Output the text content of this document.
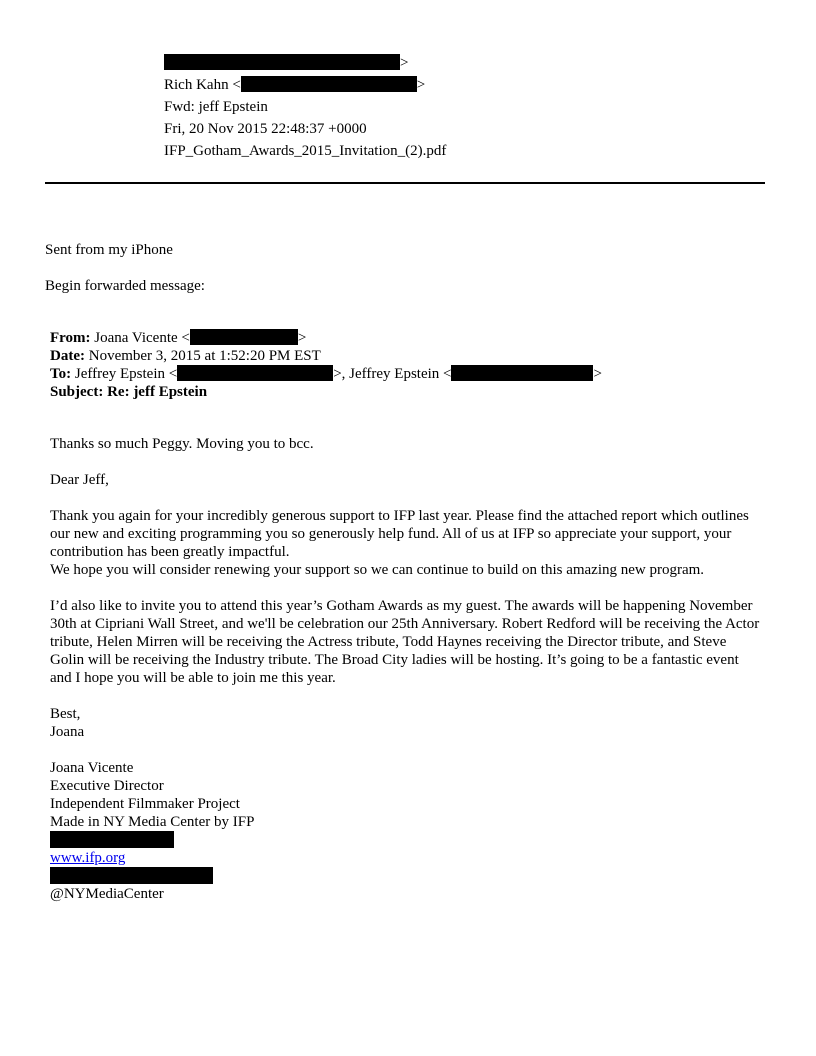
>
Rich Kahn <	>
Fwd: jeff Epstein
Fri, 20 Nov 2015 22:48:37 +0000
IFP_Gotham_Awards_2015_Invitation_(2).pdf
Sent from my iPhone
Begin forwarded message:
From: Joana Vicente <	>
Date: November 3, 2015 at 1:52:20 PM EST
To: Jeffrey Epstein <	>, Jeffrey Epstein <	>
Subject: Re: jeff Epstein
Thanks so much Peggy. Moving you to bcc.
Dear Jeff,

Thank you again for your incredibly generous support to IFP last year. Please find the attached report which outlines our new and exciting programming you so generously help fund. All of us at IFP so appreciate your support, your contribution has been greatly impactful.

We hope you will consider renewing your support so we can continue to build on this amazing new program.

I’d also like to invite you to attend this year’s Gotham Awards as my guest. The awards will be happening November 30th at Cipriani Wall Street, and we'll be celebration our 25th Anniversary. Robert Redford will be receiving the Actor tribute, Helen Mirren will be receiving the Actress tribute, Todd Haynes receiving the Director tribute, and Steve Golin will be receiving the Industry tribute. The Broad City ladies will be hosting. It’s going to be a fantastic event and I hope you will be able to join me this year.

Best,
Joana
Joana Vicente
Executive Director
Independent Filmmaker Project
Made in NY Media Center by IFP
www.ifp.org
@NYMediaCenter
